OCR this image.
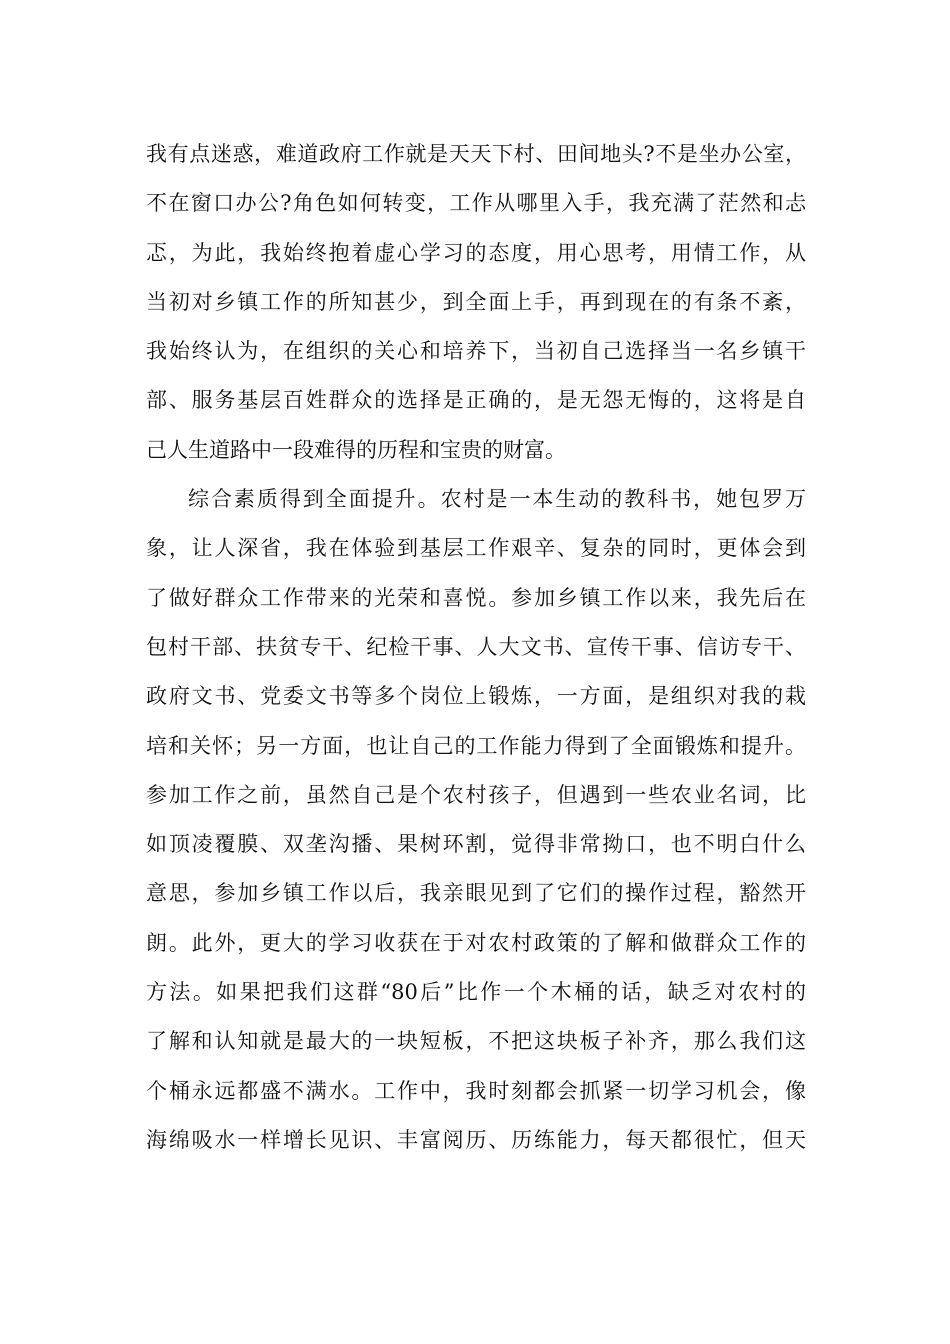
我有点迷惑，难道政府工作就是天天下村、田间地头?不是坐办公室，
不在窗口办公?角色如何转变，工作从哪里入手，我充满了茫然和忐
忑，为此，我始终抱着虚心学习的态度，用心思考，用情工作，从
当初对乡镇工作的所知甚少，到全面上手，再到现在的有条不紊，
我始终认为，在组织的关心和培养下，当初自己选择当一名乡镇干
部、服务基层百姓群众的选择是正确的，是无怨无悔的，这将是自
己人生道路中一段难得的历程和宝贵的财富。
综合素质得到全面提升。农村是一本生动的教科书，她包罗万
象，让人深省，我在体验到基层工作艰辛、复杂的同时，更体会到
了做好群众工作带来的光荣和喜悦。参加乡镇工作以来，我先后在
包村干部、扶贫专干、纪检干事、人大文书、宣传干事、信访专干、
政府文书、党委文书等多个岗位上锻炼，一方面，是组织对我的栽
培和关怀；另一方面，也让自己的工作能力得到了全面锻炼和提升。
参加工作之前，虽然自己是个农村孩子，但遇到一些农业名词，比
如顶凌覆膜、双垄沟播、果树环割，觉得非常拗口，也不明白什么
意思，参加乡镇工作以后，我亲眼见到了它们的操作过程，豁然开
朗。此外，更大的学习收获在于对农村政策的了解和做群众工作的
方法。如果把我们这群“80后”比作一个木桶的话，缺乏对农村的
了解和认知就是最大的一块短板，不把这块板子补齐，那么我们这
个桶永远都盛不满水。工作中，我时刻都会抓紧一切学习机会，像
海绵吸水一样增长见识、丰富阅历、历练能力，每天都很忙，但天
